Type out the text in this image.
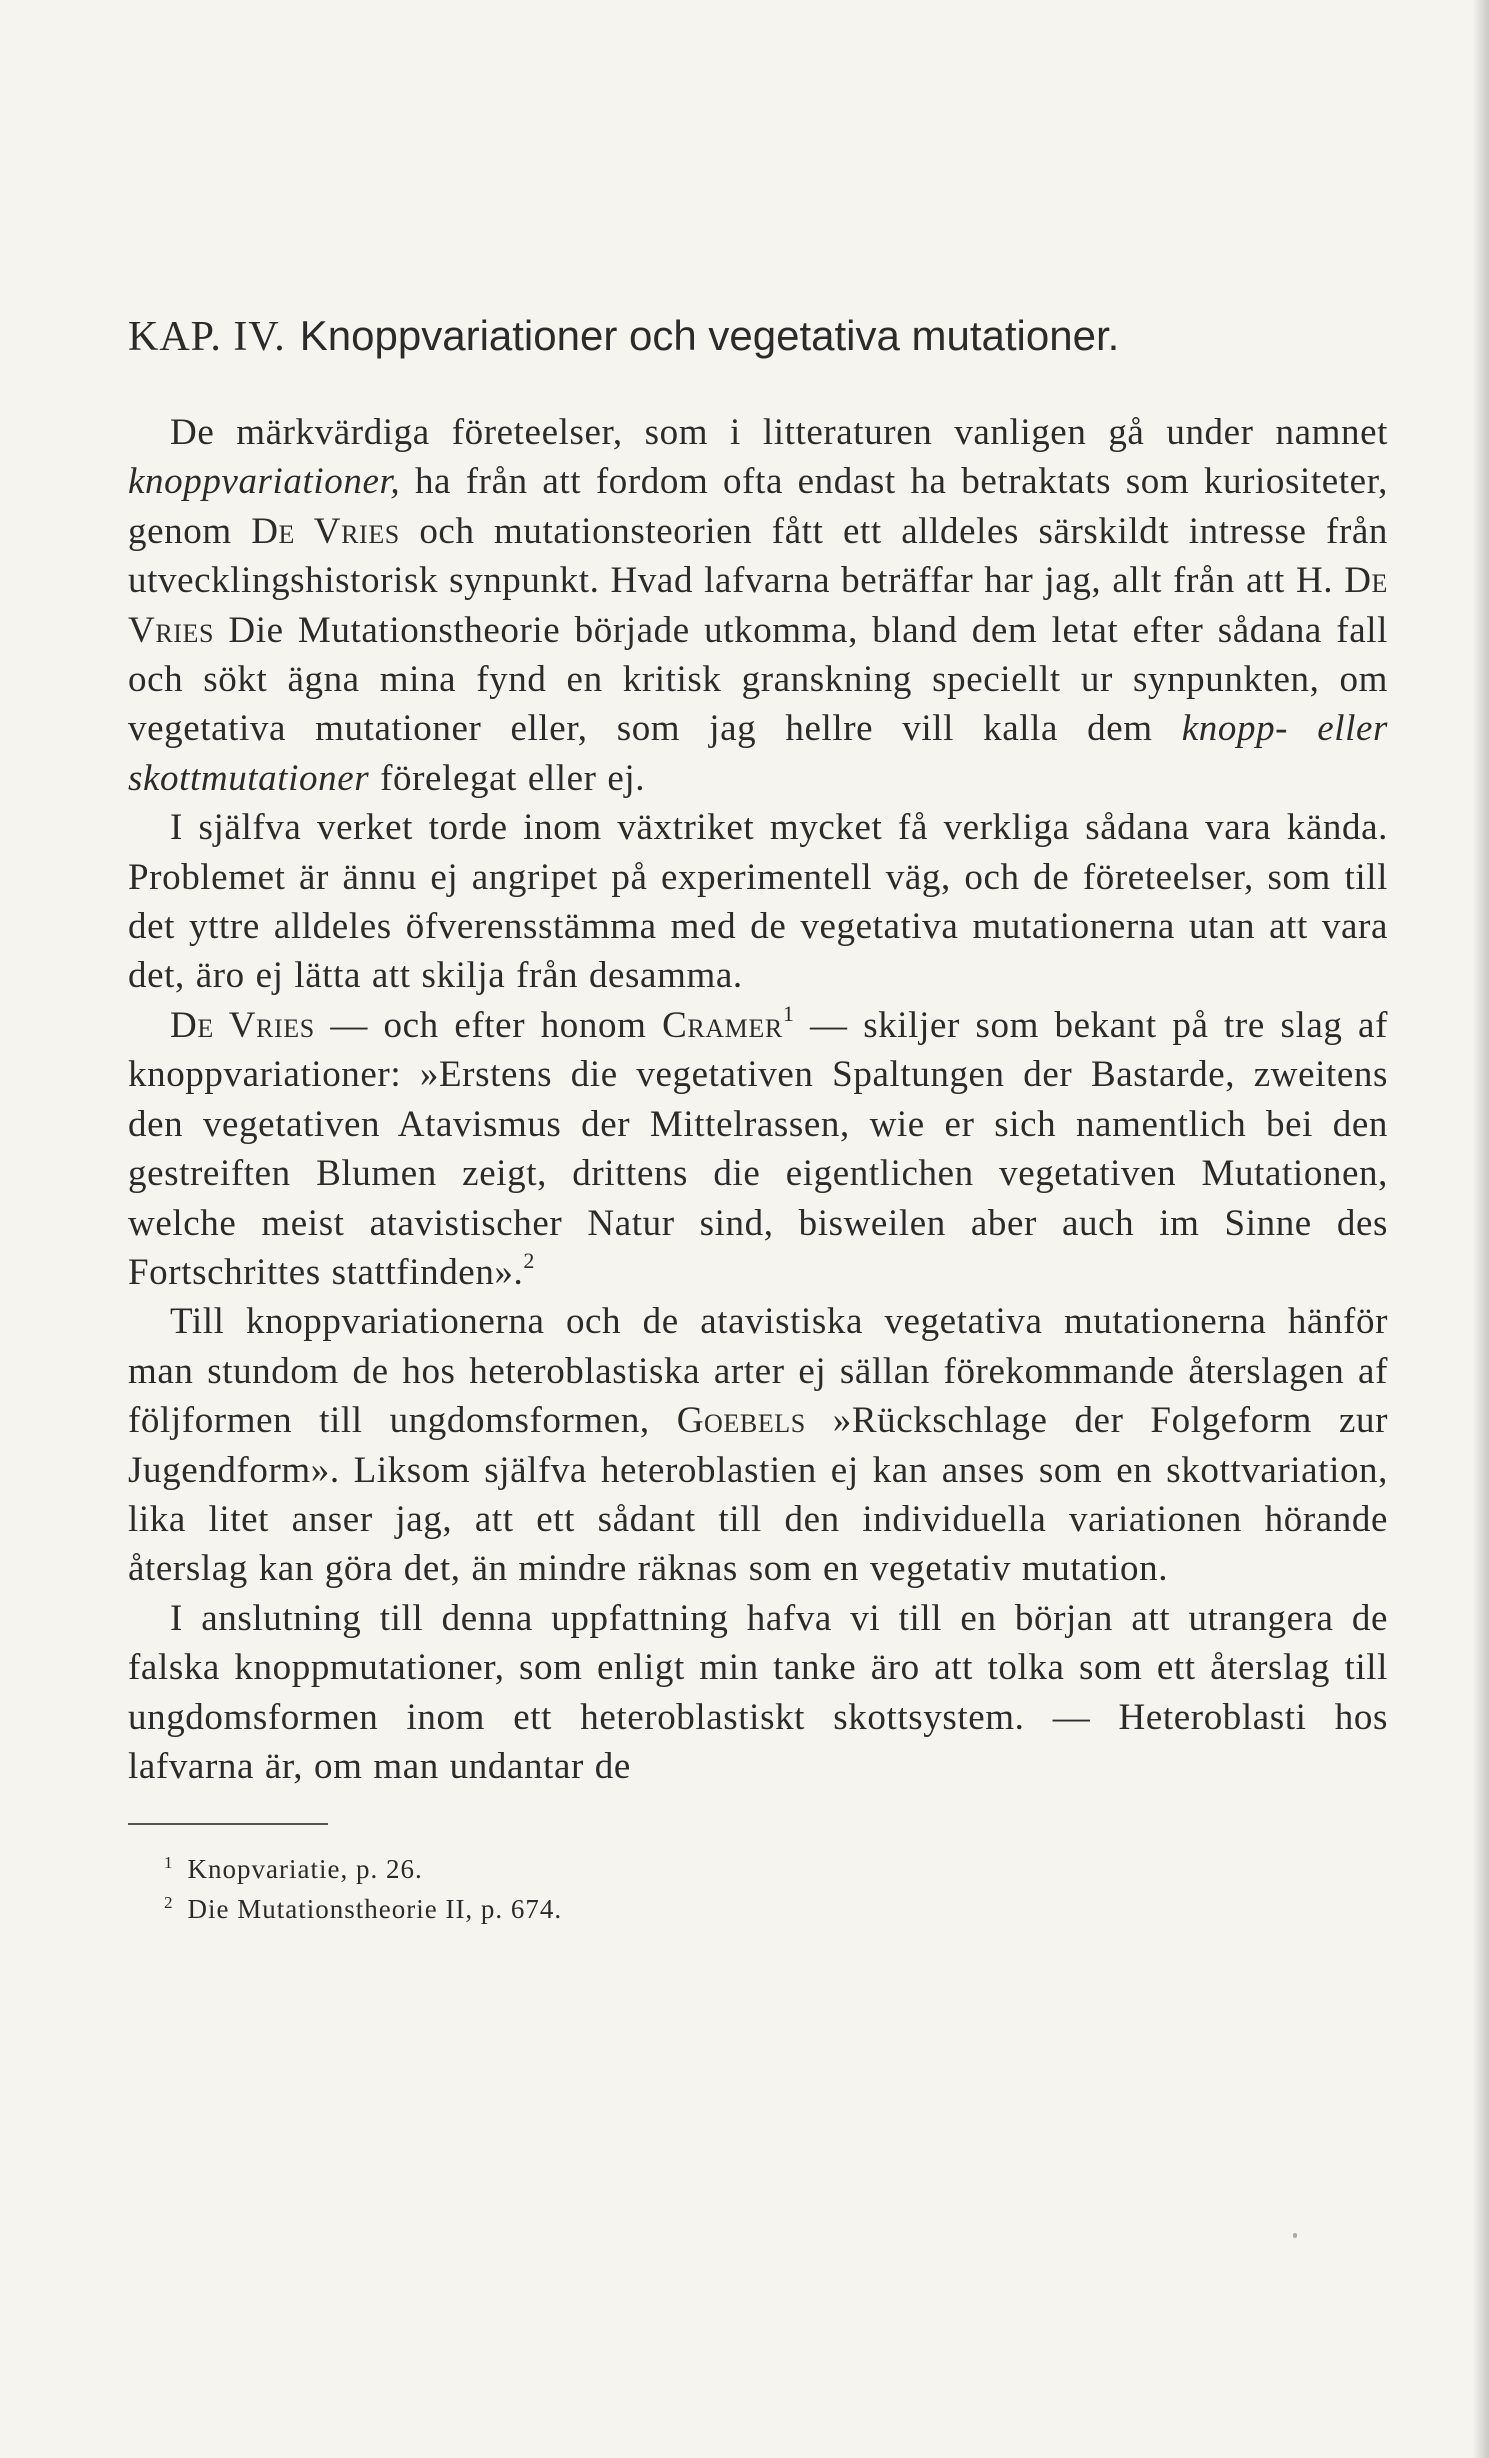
KAP. IV. Knoppvariationer och vegetativa mutationer.

De märkvärdiga företeelser, som i litteraturen vanligen gå under namnet knoppvariationer, ha från att fordom ofta endast ha betraktats som kuriositeter, genom De Vries och mutationsteorien fått ett alldeles särskildt intresse från utvecklingshistorisk synpunkt. Hvad lafvarna beträffar har jag, allt från att H. De Vries Die Mutationstheorie började utkomma, bland dem letat efter sådana fall och sökt ägna mina fynd en kritisk granskning speciellt ur synpunkten, om vegetativa mutationer eller, som jag hellre vill kalla dem knopp- eller skottmutationer förelegat eller ej.

I själfva verket torde inom växtriket mycket få verkliga sådana vara kända. Problemet är ännu ej angripet på experimentell väg, och de företeelser, som till det yttre alldeles öfverensstämma med de vegetativa mutationerna utan att vara det, äro ej lätta att skilja från desamma.

De Vries — och efter honom Cramer$^1$ — skiljer som bekant på tre slag af knoppvariationer: »Erstens die vegetativen Spaltungen der Bastarde, zweitens den vegetativen Atavismus der Mittelrassen, wie er sich namentlich bei den gestreiften Blumen zeigt, drittens die eigentlichen vegetativen Mutationen, welche meist atavistischer Natur sind, bisweilen aber auch im Sinne des Fortschrittes stattfinden».$^2$

Till knoppvariationerna och de atavistiska vegetativa mutationerna hänför man stundom de hos heteroblastiska arter ej sällan förekommande återslagen af följformen till ungdomsformen, Goebels »Rückschlage der Folgeform zur Jugendform». Liksom själfva heteroblastien ej kan anses som en skottvariation, lika litet anser jag, att ett sådant till den individuella variationen hörande återslag kan göra det, än mindre räknas som en vegetativ mutation.

I anslutning till denna uppfattning hafva vi till en början att utrangera de falska knoppmutationer, som enligt min tanke äro att tolka som ett återslag till ungdomsformen inom ett heteroblastiskt skottsystem. — Heteroblasti hos lafvarna är, om man undantar de

$^1$ Knopvariatie, p. 26.
$^2$ Die Mutationstheorie II, p. 674.
